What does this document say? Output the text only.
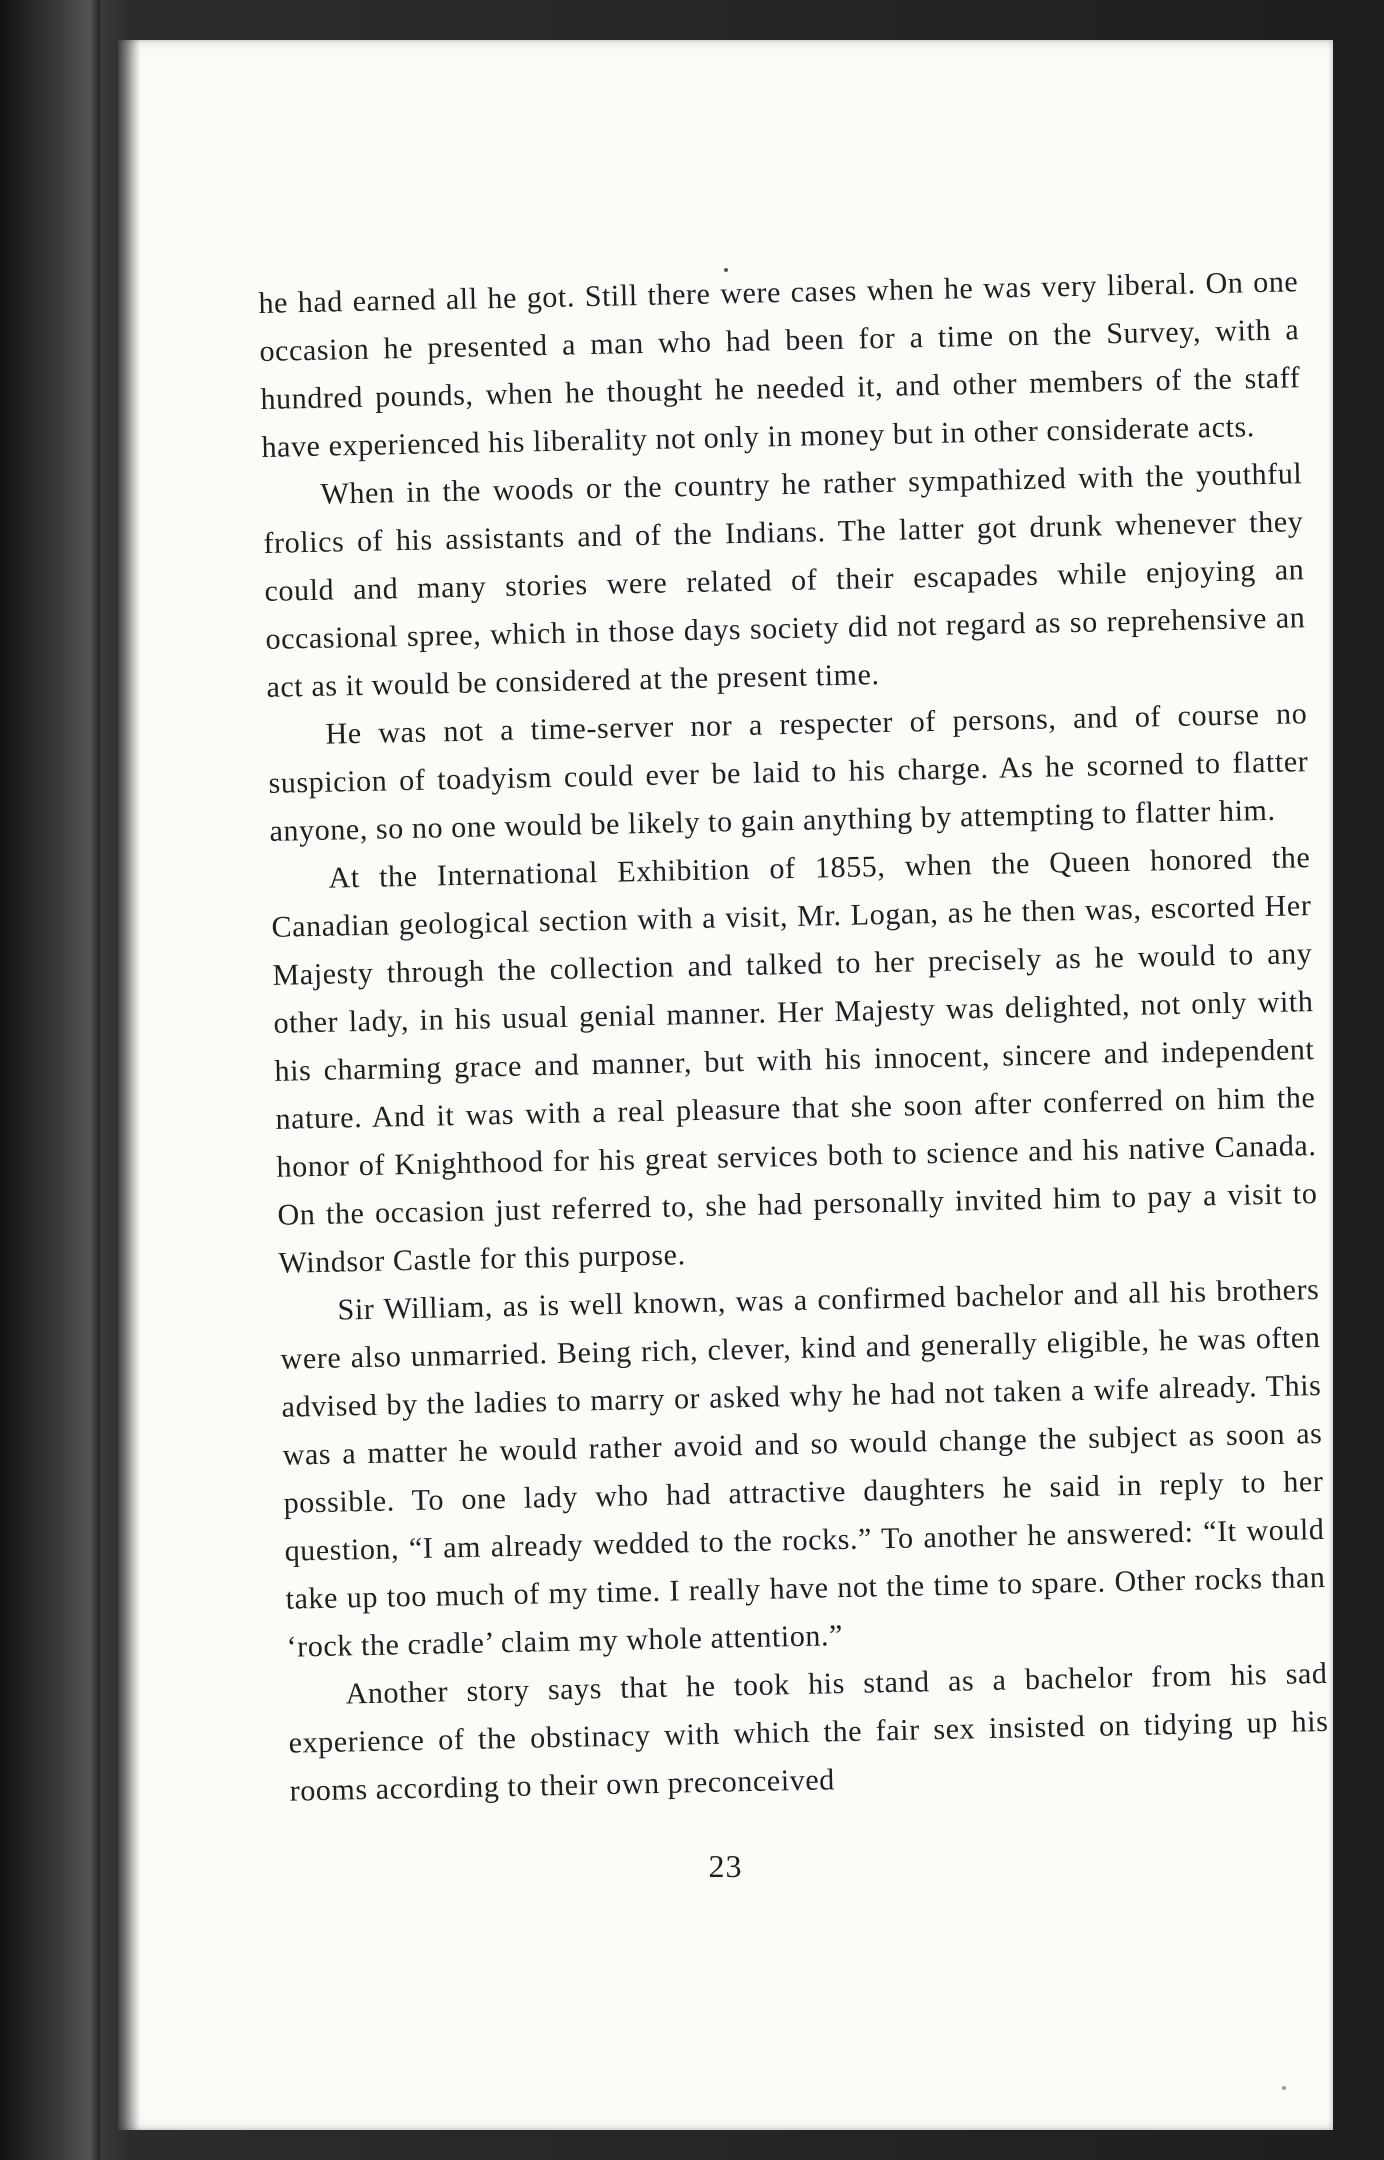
he had earned all he got. Still there were cases when he was very liberal. On one occasion he presented a man who had been for a time on the Survey, with a hundred pounds, when he thought he needed it, and other members of the staff have experienced his liberality not only in money but in other considerate acts.

When in the woods or the country he rather sympathized with the youthful frolics of his assistants and of the Indians. The latter got drunk whenever they could and many stories were related of their escapades while enjoying an occasional spree, which in those days society did not regard as so reprehensive an act as it would be considered at the present time.

He was not a time-server nor a respecter of persons, and of course no suspicion of toadyism could ever be laid to his charge. As he scorned to flatter anyone, so no one would be likely to gain anything by attempting to flatter him.

At the International Exhibition of 1855, when the Queen honored the Canadian geological section with a visit, Mr. Logan, as he then was, escorted Her Majesty through the collection and talked to her precisely as he would to any other lady, in his usual genial manner. Her Majesty was delighted, not only with his charming grace and manner, but with his innocent, sincere and independent nature. And it was with a real pleasure that she soon after conferred on him the honor of Knighthood for his great services both to science and his native Canada. On the occasion just referred to, she had personally invited him to pay a visit to Windsor Castle for this purpose.

Sir William, as is well known, was a confirmed bachelor and all his brothers were also unmarried. Being rich, clever, kind and generally eligible, he was often advised by the ladies to marry or asked why he had not taken a wife already. This was a matter he would rather avoid and so would change the subject as soon as possible. To one lady who had attractive daughters he said in reply to her question, “I am already wedded to the rocks.” To another he answered: “It would take up too much of my time. I really have not the time to spare. Other rocks than ‘rock the cradle’ claim my whole attention.”

Another story says that he took his stand as a bachelor from his sad experience of the obstinacy with which the fair sex insisted on tidying up his rooms according to their own preconceived

23
